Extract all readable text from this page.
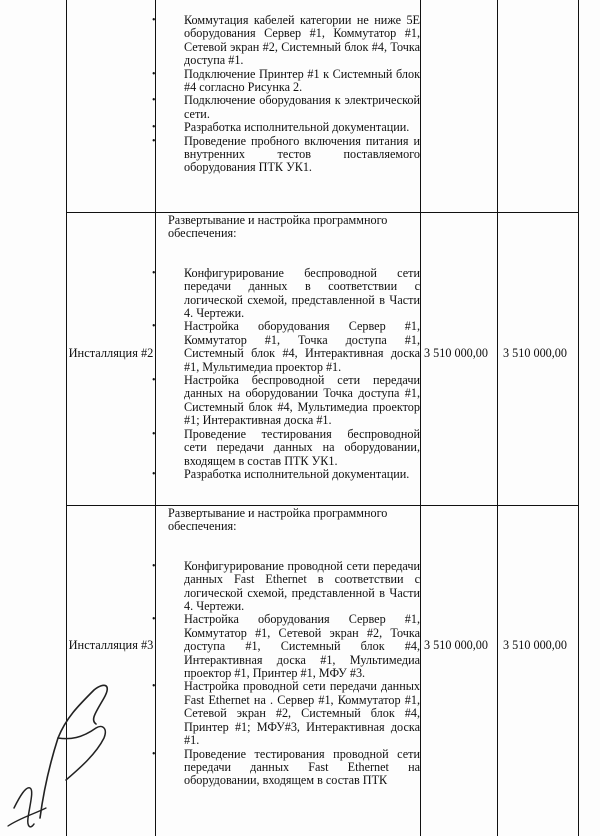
• Коммутация кабелей категории не ниже 5Е оборудования Сервер #1, Коммутатор #1, Сетевой экран #2, Системный блок #4, Точка доступа #1.
• Подключение Принтер #1 к Системный блок #4 согласно Рисунка 2.
• Подключение оборудования к электрической сети.
• Разработка исполнительной документации.
• Проведение пробного включения питания и внутренних тестов поставляемого оборудования ПТК УК1.
Инсталляция #2

Развертывание и настройка программного обеспечения:

• Конфигурирование беспроводной сети передачи данных в соответствии с логической схемой, представленной в Части 4. Чертежи.
• Настройка оборудования Сервер #1, Коммутатор #1, Точка доступа #1, Системный блок #4, Интерактивная доска #1, Мультимедиа проектор #1.
• Настройка беспроводной сети передачи данных на оборудовании Точка доступа #1, Системный блок #4, Мультимедиа проектор #1; Интерактивная доска #1.
• Проведение тестирования беспроводной сети передачи данных на оборудовании, входящем в состав ПТК УК1.
• Разработка исполнительной документации.
3 510 000,00 3 510 000,00
Инсталляция #3

Развертывание и настройка программного обеспечения:

• Конфигурирование проводной сети передачи данных Fast Ethernet в соответствии с логической схемой, представленной в Части 4. Чертежи.
• Настройка оборудования Сервер #1, Коммутатор #1, Сетевой экран #2, Точка доступа #1, Системный блок #4, Интерактивная доска #1, Мультимедиа проектор #1, Принтер #1, МФУ #3.
• Настройка проводной сети передачи данных Fast Ethernet на . Сервер #1, Коммутатор #1, Сетевой экран #2, Системный блок #4, Принтер #1; МФУ#3, Интерактивная доска #1.
• Проведение тестирования проводной сети передачи данных Fast Ethernet на оборудовании, входящем в состав ПТК
3 510 000,00 3 510 000,00
